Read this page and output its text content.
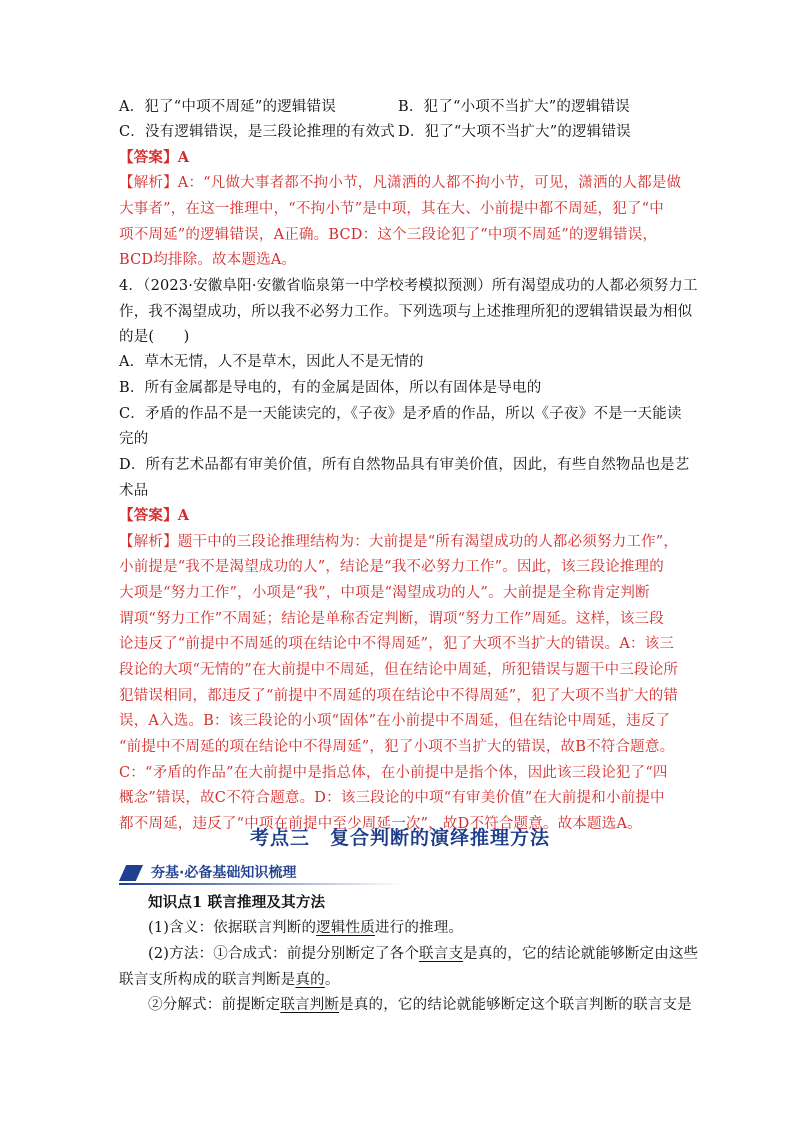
A．犯了“中项不周延”的逻辑错误	B．犯了“小项不当扩大”的逻辑错误
C．没有逻辑错误，是三段论推理的有效式 D．犯了“大项不当扩大”的逻辑错误
【答案】A
【解析】A：“凡做大事者都不拘小节，凡潇洒的人都不拘小节，可见，潇洒的人都是做
大事者”，在这一推理中，“不拘小节”是中项，其在大、小前提中都不周延，犯了“中
项不周延”的逻辑错误，A正确。BCD：这个三段论犯了“中项不周延”的逻辑错误，
BCD均排除。故本题选A。
4．（2023·安徽阜阳·安徽省临泉第一中学校考模拟预测）所有渴望成功的人都必须努力工
作，我不渴望成功，所以我不必努力工作。下列选项与上述推理所犯的逻辑错误最为相似
的是(　　)
A．草木无情，人不是草木，因此人不是无情的
B．所有金属都是导电的，有的金属是固体，所以有固体是导电的
C．矛盾的作品不是一天能读完的，《子夜》是矛盾的作品，所以《子夜》不是一天能读
完的
D．所有艺术品都有审美价值，所有自然物品具有审美价值，因此，有些自然物品也是艺
术品
【答案】A
【解析】题干中的三段论推理结构为：大前提是“所有渴望成功的人都必须努力工作”，
小前提是“我不是渴望成功的人”，结论是“我不必努力工作”。因此，该三段论推理的
大项是“努力工作”，小项是“我”，中项是“渴望成功的人”。大前提是全称肯定判断
谓项“努力工作”不周延；结论是单称否定判断，谓项“努力工作”周延。这样，该三段
论违反了“前提中不周延的项在结论中不得周延”，犯了大项不当扩大的错误。A：该三
段论的大项“无情的”在大前提中不周延，但在结论中周延，所犯错误与题干中三段论所
犯错误相同，都违反了“前提中不周延的项在结论中不得周延”，犯了大项不当扩大的错
误，A入选。B：该三段论的小项“固体”在小前提中不周延，但在结论中周延，违反了
“前提中不周延的项在结论中不得周延”，犯了小项不当扩大的错误，故B不符合题意。
C：“矛盾的作品”在大前提中是指总体，在小前提中是指个体，因此该三段论犯了“四
概念”错误，故C不符合题意。D：该三段论的中项“有审美价值”在大前提和小前提中
都不周延，违反了“中项在前提中至少周延一次”，故D不符合题意。故本题选A。
考点三　复合判断的演绎推理方法
夯基·必备基础知识梳理
知识点1 联言推理及其方法
(1)含义：依据联言判断的逻辑性质进行的推理。
(2)方法：①合成式：前提分别断定了各个联言支是真的，它的结论就能够断定由这些
联言支所构成的联言判断是真的。
②分解式：前提断定联言判断是真的，它的结论就能够断定这个联言判断的联言支是
